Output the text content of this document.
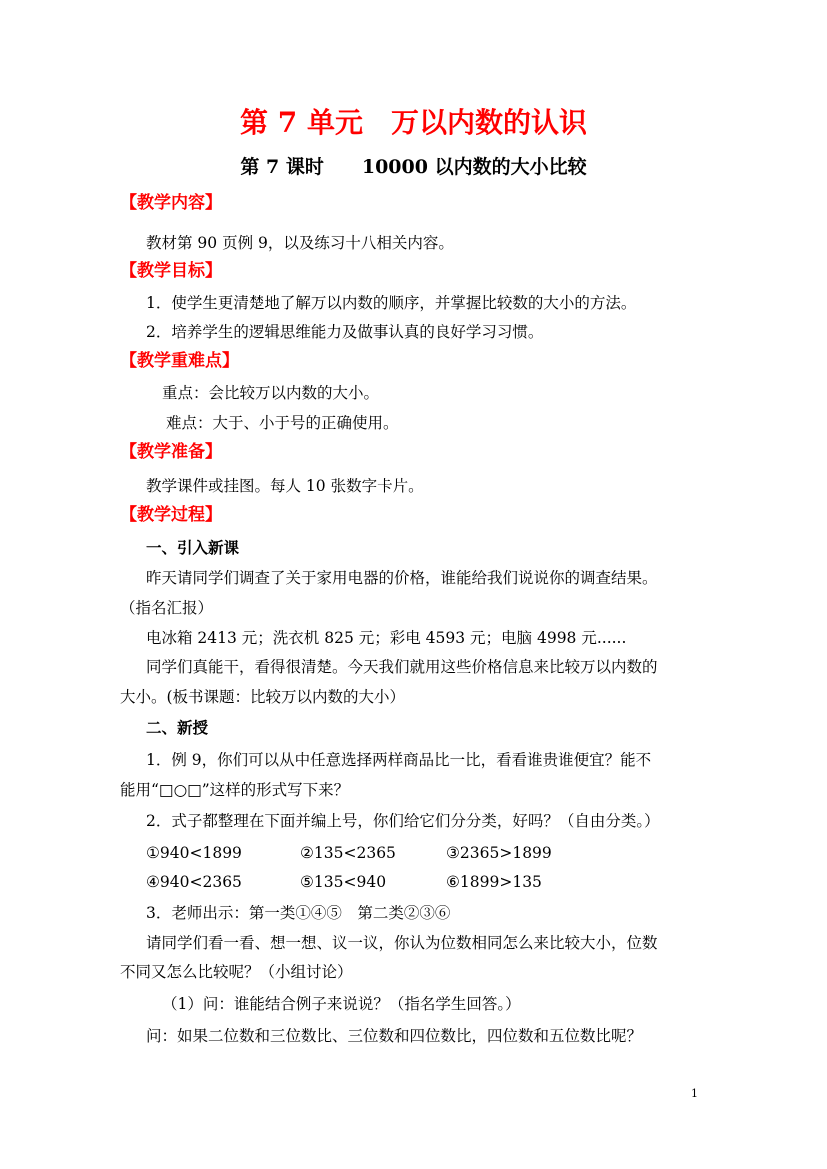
第 7 单元　万以内数的认识
第 7 课时　　10000 以内数的大小比较
【教学内容】
教材第 90 页例 9，以及练习十八相关内容。
【教学目标】
1．使学生更清楚地了解万以内数的顺序，并掌握比较数的大小的方法。
2．培养学生的逻辑思维能力及做事认真的良好学习习惯。
【教学重难点】
重点：会比较万以内数的大小。
难点：大于、小于号的正确使用。
【教学准备】
教学课件或挂图。每人 10 张数字卡片。
【教学过程】
一、引入新课
昨天请同学们调查了关于家用电器的价格，谁能给我们说说你的调查结果。
（指名汇报）
电冰箱 2413 元；洗衣机 825 元；彩电 4593 元；电脑 4998 元......
同学们真能干，看得很清楚。今天我们就用这些价格信息来比较万以内数的
大小。(板书课题：比较万以内数的大小）
二、新授
1．例 9，你们可以从中任意选择两样商品比一比，看看谁贵谁便宜？能不
能用“□○□”这样的形式写下来？
2．式子都整理在下面并编上号，你们给它们分分类，好吗？（自由分类。）
①940<1899	②135<2365	③2365>1899
④940<2365	⑤135<940	⑥1899>135
3．老师出示：第一类①④⑤　第二类②③⑥
请同学们看一看、想一想、议一议，你认为位数相同怎么来比较大小，位数
不同又怎么比较呢？（小组讨论）
（1）问：谁能结合例子来说说？（指名学生回答。）
问：如果二位数和三位数比、三位数和四位数比，四位数和五位数比呢？
1
